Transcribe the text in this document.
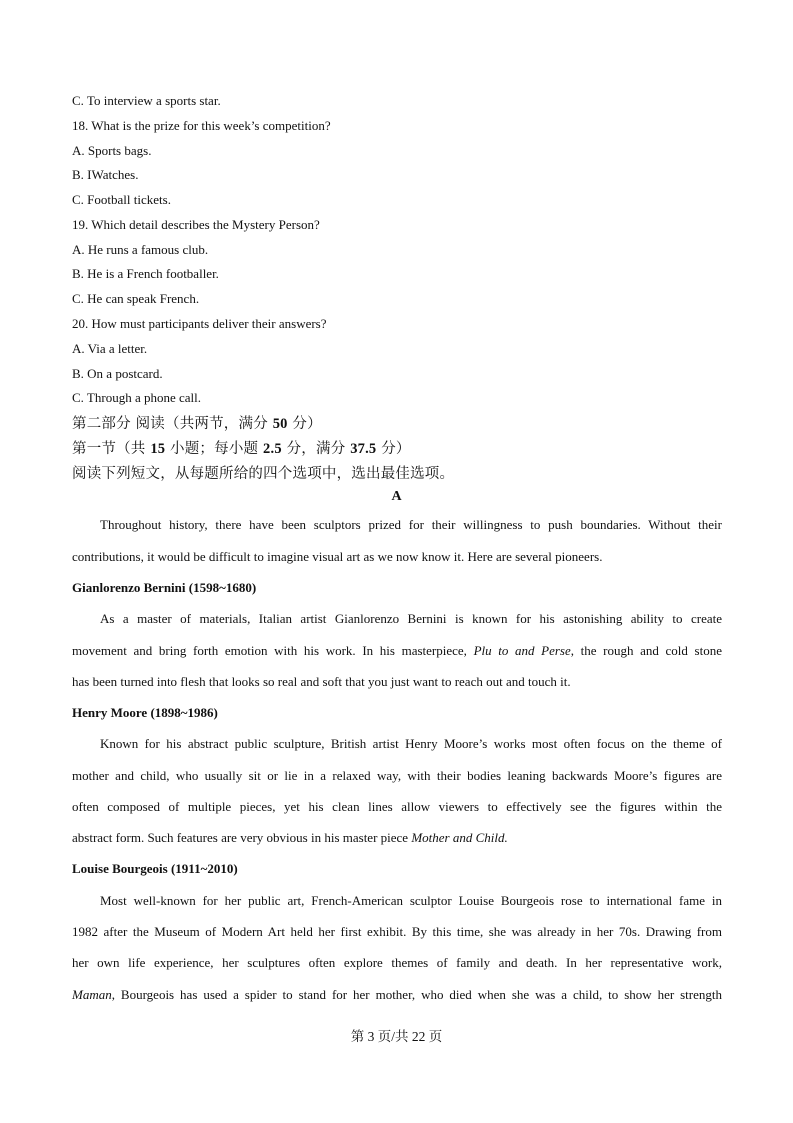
C. To interview a sports star.
18. What is the prize for this week’s competition?
A. Sports bags.
B. IWatches.
C. Football tickets.
19. Which detail describes the Mystery Person?
A. He runs a famous club.
B. He is a French footballer.
C. He can speak French.
20. How must participants deliver their answers?
A. Via a letter.
B. On a postcard.
C. Through a phone call.
第二部分 阅读（共两节，满分 50 分）
第一节（共 15 小题；每小题 2.5 分，满分 37.5 分）
阅读下列短文，从每题所给的四个选项中，选出最佳选项。
A
Throughout history, there have been sculptors prized for their willingness to push boundaries. Without their
contributions, it would be difficult to imagine visual art as we now know it. Here are several pioneers.
Gianlorenzo Bernini (1598~1680)
As a master of materials, Italian artist Gianlorenzo Bernini is known for his astonishing ability to create
movement and bring forth emotion with his work. In his masterpiece, Plu to and Perse, the rough and cold stone
has been turned into flesh that looks so real and soft that you just want to reach out and touch it.
Henry Moore (1898~1986)
Known for his abstract public sculpture, British artist Henry Moore’s works most often focus on the theme of
mother and child, who usually sit or lie in a relaxed way, with their bodies leaning backwards Moore’s figures are
often composed of multiple pieces, yet his clean lines allow viewers to effectively see the figures within the
abstract form. Such features are very obvious in his master piece Mother and Child.
Louise Bourgeois (1911~2010)
Most well-known for her public art, French-American sculptor Louise Bourgeois rose to international fame in
1982 after the Museum of Modern Art held her first exhibit. By this time, she was already in her 70s. Drawing from
her own life experience, her sculptures often explore themes of family and death. In her representative work,
Maman, Bourgeois has used a spider to stand for her mother, who died when she was a child, to show her strength
第 3 页/共 22 页
